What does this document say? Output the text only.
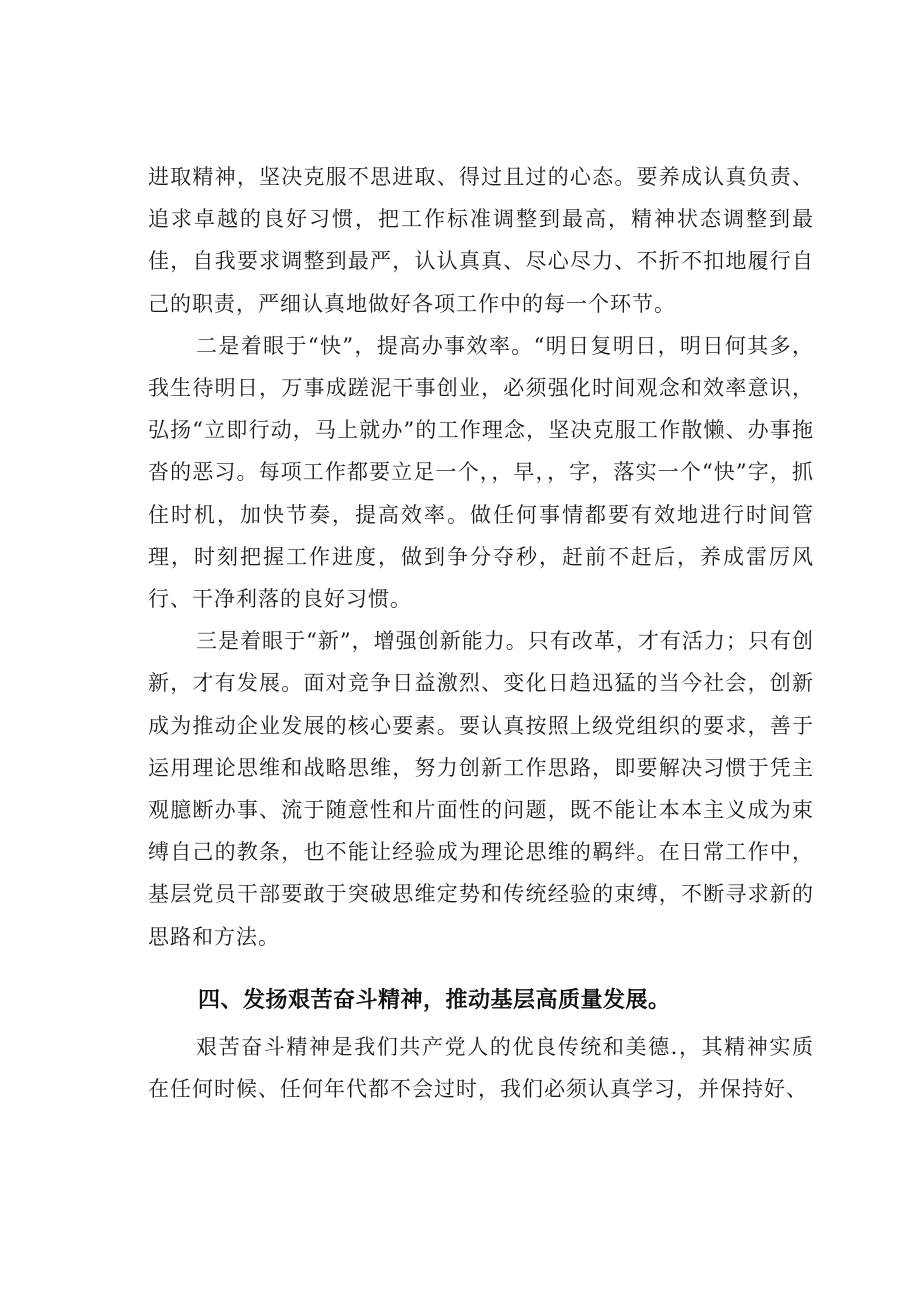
进取精神，坚决克服不思进取、得过且过的心态。要养成认真负责、追求卓越的良好习惯，把工作标准调整到最高，精神状态调整到最佳，自我要求调整到最严，认认真真、尽心尽力、不折不扣地履行自己的职责，严细认真地做好各项工作中的每一个环节。

二是着眼于“快”，提高办事效率。“明日复明日，明日何其多，我生待明日，万事成蹉泥干事创业，必须强化时间观念和效率意识，弘扬“立即行动，马上就办”的工作理念，坚决克服工作散懒、办事拖沓的恶习。每项工作都要立足一个，，早，，字，落实一个“快”字，抓住时机，加快节奏，提高效率。做任何事情都要有效地进行时间管理，时刻把握工作进度，做到争分夺秒，赶前不赶后，养成雷厉风行、干净利落的良好习惯。

三是着眼于“新”，增强创新能力。只有改革，才有活力；只有创新，才有发展。面对竞争日益激烈、变化日趋迅猛的当今社会，创新成为推动企业发展的核心要素。要认真按照上级党组织的要求，善于运用理论思维和战略思维，努力创新工作思路，即要解决习惯于凭主观臆断办事、流于随意性和片面性的问题，既不能让本本主义成为束缚自己的教条，也不能让经验成为理论思维的羁绊。在日常工作中，基层党员干部要敢于突破思维定势和传统经验的束缚，不断寻求新的思路和方法。

四、发扬艰苦奋斗精神，推动基层高质量发展。

艰苦奋斗精神是我们共产党人的优良传统和美德.，其精神实质在任何时候、任何年代都不会过时，我们必须认真学习，并保持好、
